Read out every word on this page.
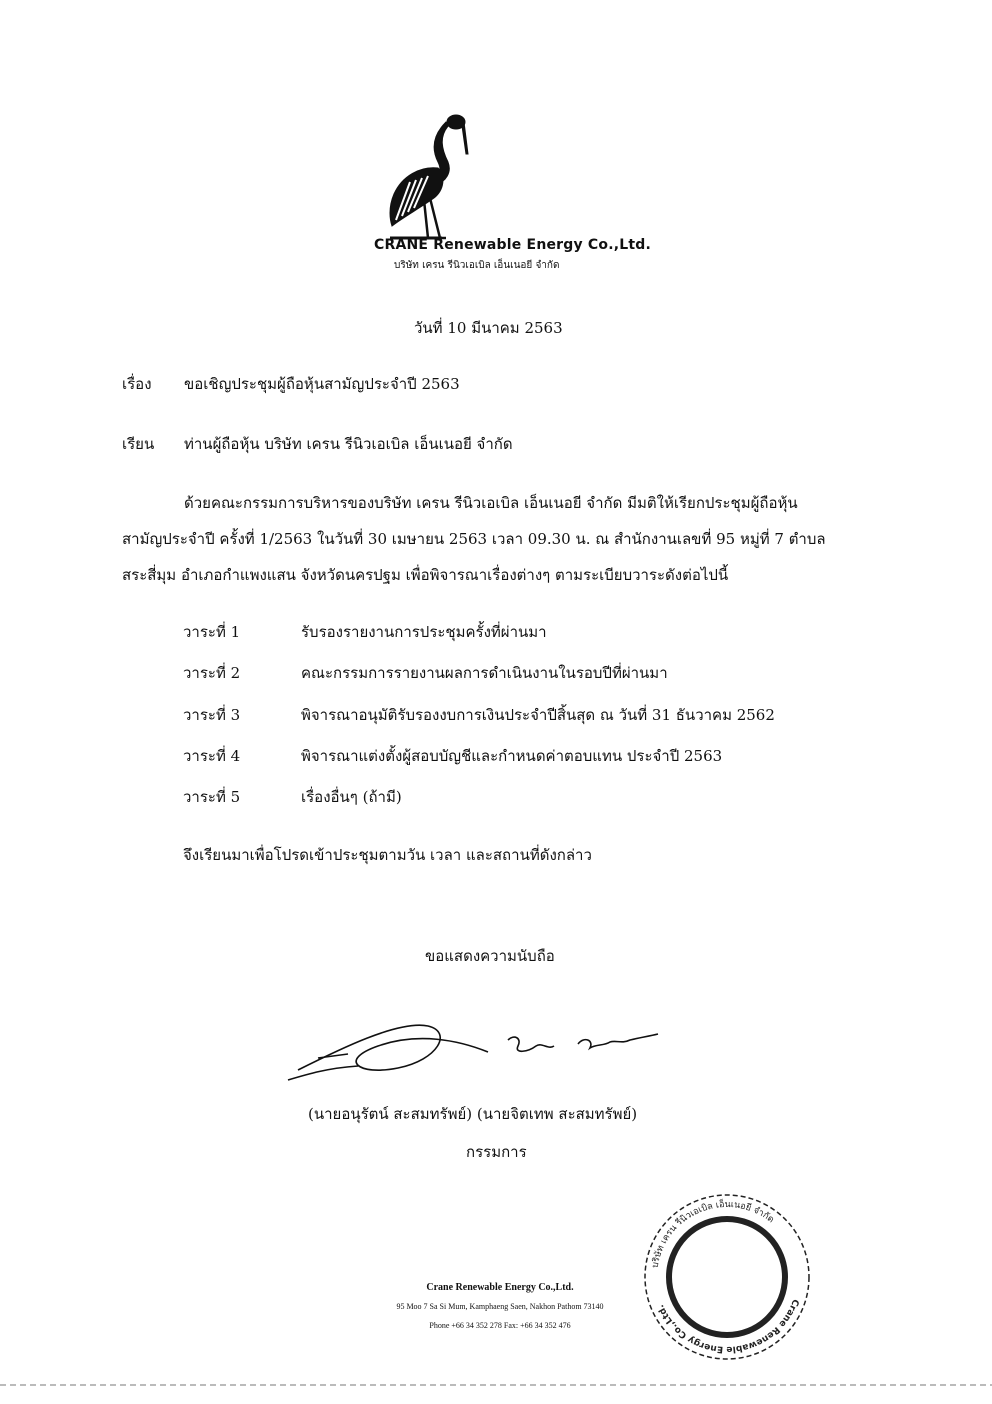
CRANE Renewable Energy Co.,Ltd.
บริษัท เครน รีนิวเอเบิล เอ็นเนอยี จำกัด
วันที่ 10 มีนาคม 2563
เรื่อง ขอเชิญประชุมผู้ถือหุ้นสามัญประจำปี 2563
เรียน ท่านผู้ถือหุ้น บริษัท เครน รีนิวเอเบิล เอ็นเนอยี จำกัด
ด้วยคณะกรรมการบริหารของบริษัท เครน รีนิวเอเบิล เอ็นเนอยี จำกัด มีมติให้เรียกประชุมผู้ถือหุ้น
สามัญประจำปี ครั้งที่ 1/2563 ในวันที่ 30 เมษายน 2563 เวลา 09.30 น. ณ สำนักงานเลขที่ 95 หมู่ที่ 7 ตำบล
สระสี่มุม อำเภอกำแพงแสน จังหวัดนครปฐม เพื่อพิจารณาเรื่องต่างๆ ตามระเบียบวาระดังต่อไปนี้
วาระที่ 1	รับรองรายงานการประชุมครั้งที่ผ่านมา
วาระที่ 2	คณะกรรมการรายงานผลการดำเนินงานในรอบปีที่ผ่านมา
วาระที่ 3	พิจารณาอนุมัติรับรองงบการเงินประจำปีสิ้นสุด ณ วันที่ 31 ธันวาคม 2562
วาระที่ 4	พิจารณาแต่งตั้งผู้สอบบัญชีและกำหนดค่าตอบแทน ประจำปี 2563
วาระที่ 5	เรื่องอื่นๆ (ถ้ามี)
จึงเรียนมาเพื่อโปรดเข้าประชุมตามวัน เวลา และสถานที่ดังกล่าว
ขอแสดงความนับถือ
(นายอนุรัตน์ สะสมทรัพย์) (นายจิตเทพ สะสมทรัพย์)
กรรมการ
Crane Renewable Energy Co.,Ltd.
95 Moo 7 Sa Si Mum, Kamphaeng Saen, Nakhon Pathom 73140
Phone +66 34 352 278 Fax: +66 34 352 476
บริษัท เครน รีนิวเอเบิล เอ็นเนอยี จำกัด
Crane Renewable Energy Co.,Ltd.
